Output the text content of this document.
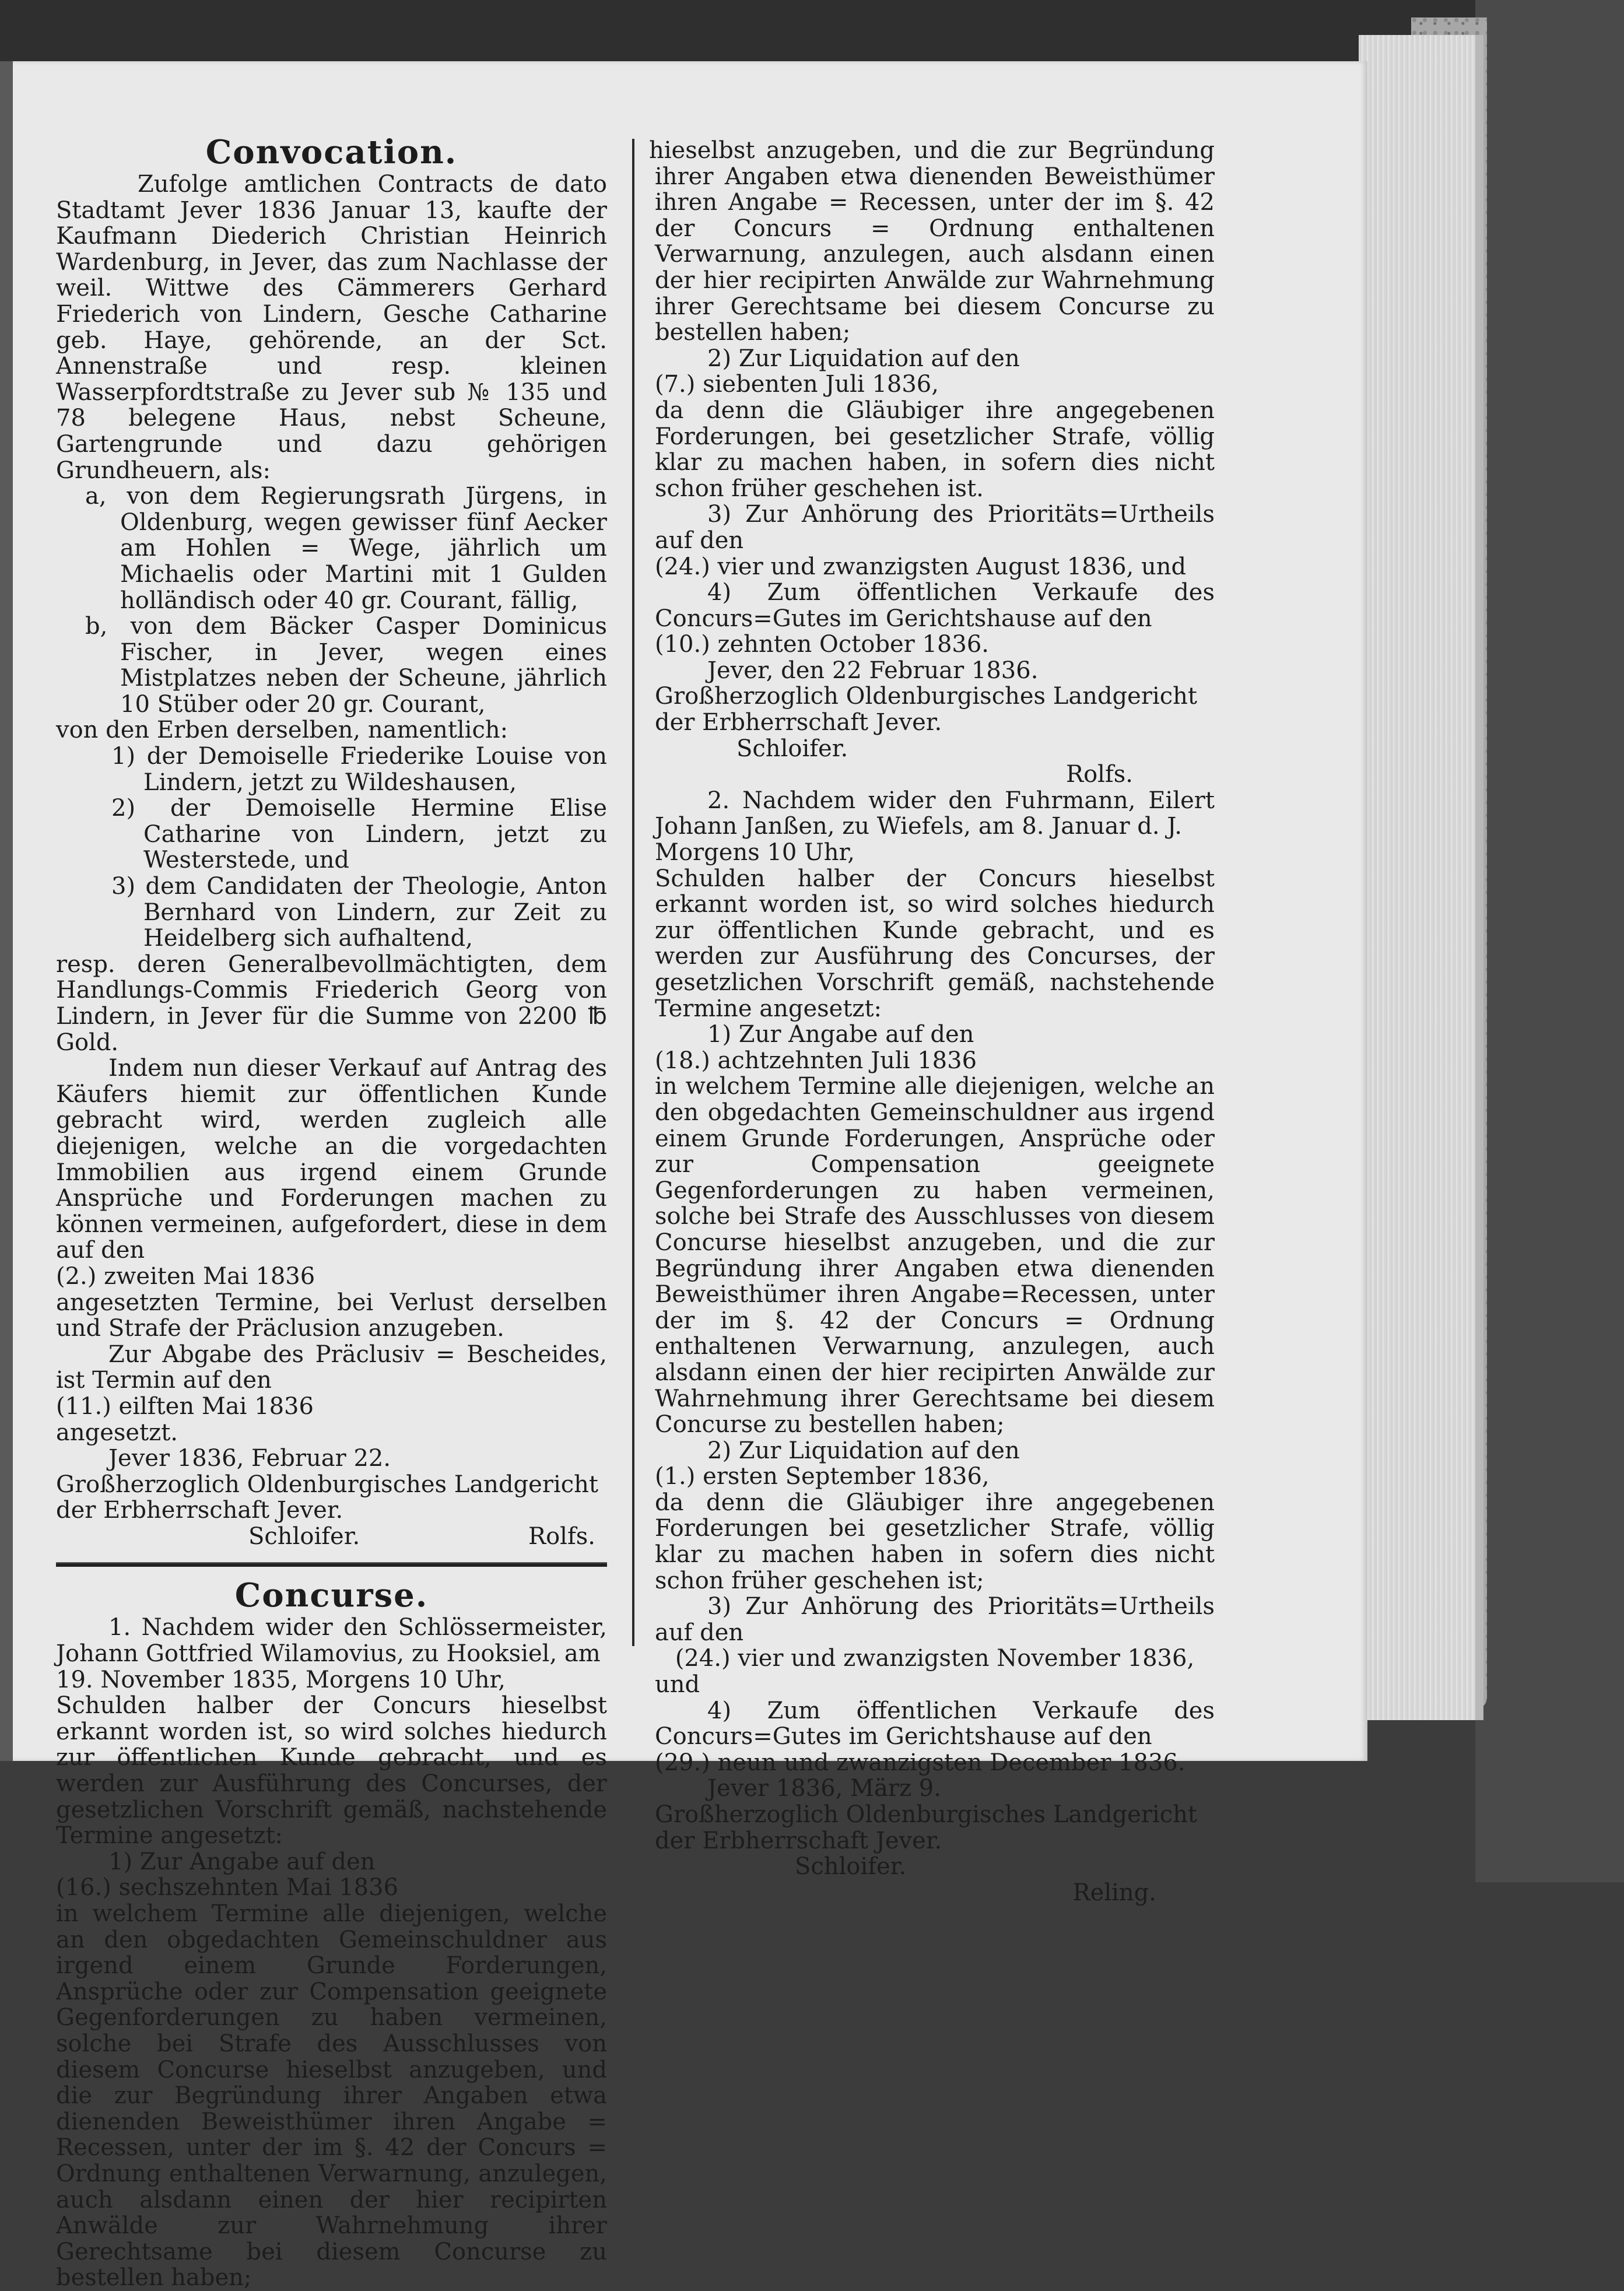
Convocation.

Zufolge amtlichen Contracts de dato Stadtamt Jever 1836 Januar 13, kaufte der Kaufmann Diederich Christian Heinrich Wardenburg, in Jever, das zum Nachlasse der weil. Wittwe des Cämmerers Gerhard Friederich von Lindern, Gesche Catharine geb. Haye, gehörende, an der Sct. Annenstraße und resp. kleinen Wasserpfordtstraße zu Jever sub № 135 und 78 belegene Haus, nebst Scheune, Gartengrunde und dazu gehörigen Grundheuern, als:

a, von dem Regierungsrath Jürgens, in Oldenburg, wegen gewisser fünf Aecker am Hohlen = Wege, jährlich um Michaelis oder Martini mit 1 Gulden holländisch oder 40 gr. Courant, fällig,

b, von dem Bäcker Casper Dominicus Fischer, in Jever, wegen eines Mistplatzes neben der Scheune, jährlich 10 Stüber oder 20 gr. Courant,

von den Erben derselben, namentlich:

1) der Demoiselle Friederike Louise von Lindern, jetzt zu Wildeshausen,

2) der Demoiselle Hermine Elise Catharine von Lindern, jetzt zu Westerstede, und

3) dem Candidaten der Theologie, Anton Bernhard von Lindern, zur Zeit zu Heidelberg sich aufhaltend,

resp. deren Generalbevollmächtigten, dem Handlungs-Commis Friederich Georg von Lindern, in Jever für die Summe von 2200 ℔ Gold.

Indem nun dieser Verkauf auf Antrag des Käufers hiemit zur öffentlichen Kunde gebracht wird, werden zugleich alle diejenigen, welche an die vorgedachten Immobilien aus irgend einem Grunde Ansprüche und Forderungen machen zu können vermeinen, aufgefordert, diese in dem auf den

(2.) zweiten Mai 1836

angesetzten Termine, bei Verlust derselben und Strafe der Präclusion anzugeben.

Zur Abgabe des Präclusiv = Bescheides, ist Termin auf den

(11.) eilften Mai 1836

angesetzt.

Jever 1836, Februar 22.

Großherzoglich Oldenburgisches Landgericht

der Erbherrschaft Jever.

Schloifer.	Rolfs.

Concurse.

1. Nachdem wider den Schlössermeister, Johann Gottfried Wilamovius, zu Hooksiel, am

19. November 1835, Morgens 10 Uhr,

Schulden halber der Concurs hieselbst erkannt worden ist, so wird solches hiedurch zur öffentlichen Kunde gebracht, und es werden zur Ausführung des Concurses, der gesetzlichen Vorschrift gemäß, nachstehende Termine angesetzt:

1) Zur Angabe auf den

(16.) sechszehnten Mai 1836

in welchem Termine alle diejenigen, welche an den obgedachten Gemeinschuldner aus irgend einem Grunde Forderungen, Ansprüche oder zur Compensation geeignete Gegenforderungen zu haben vermeinen, solche bei Strafe des Ausschlusses von diesem Concurse hieselbst anzugeben, und die zur Begründung ihrer Angaben etwa dienenden Beweisthümer ihren Angabe = Recessen, unter der im §. 42 der Concurs = Ordnung enthaltenen Verwarnung, anzulegen, auch alsdann einen der hier recipirten Anwälde zur Wahrnehmung ihrer Gerechtsame bei diesem Concurse zu bestellen haben;

hieselbst anzugeben, und die zur Begründung ihrer Angaben etwa dienenden Beweisthümer ihren Angabe = Recessen, unter der im §. 42 der Concurs = Ordnung enthaltenen Verwarnung, anzulegen, auch alsdann einen der hier recipirten Anwälde zur Wahrnehmung ihrer Gerechtsame bei diesem Concurse zu bestellen haben;

2) Zur Liquidation auf den

(7.) siebenten Juli 1836,

da denn die Gläubiger ihre angegebenen Forderungen, bei gesetzlicher Strafe, völlig klar zu machen haben, in sofern dies nicht schon früher geschehen ist.

3) Zur Anhörung des Prioritäts=Urtheils auf den

(24.) vier und zwanzigsten August 1836, und

4) Zum öffentlichen Verkaufe des Concurs=Gutes im Gerichtshause auf den

(10.) zehnten October 1836.

Jever, den 22 Februar 1836.

Großherzoglich Oldenburgisches Landgericht

der Erbherrschaft Jever.

Schloifer.

Rolfs.

2. Nachdem wider den Fuhrmann, Eilert Johann Janßen, zu Wiefels, am 8. Januar d. J.

Morgens 10 Uhr,

Schulden halber der Concurs hieselbst erkannt worden ist, so wird solches hiedurch zur öffentlichen Kunde gebracht, und es werden zur Ausführung des Concurses, der gesetzlichen Vorschrift gemäß, nachstehende Termine angesetzt:

1) Zur Angabe auf den

(18.) achtzehnten Juli 1836

in welchem Termine alle diejenigen, welche an den obgedachten Gemeinschuldner aus irgend einem Grunde Forderungen, Ansprüche oder zur Compensation geeignete Gegenforderungen zu haben vermeinen, solche bei Strafe des Ausschlusses von diesem Concurse hieselbst anzugeben, und die zur Begründung ihrer Angaben etwa dienenden Beweisthümer ihren Angabe=Recessen, unter der im §. 42 der Concurs = Ordnung enthaltenen Verwarnung, anzulegen, auch alsdann einen der hier recipirten Anwälde zur Wahrnehmung ihrer Gerechtsame bei diesem Concurse zu bestellen haben;

2) Zur Liquidation auf den

(1.) ersten September 1836,

da denn die Gläubiger ihre angegebenen Forderungen bei gesetzlicher Strafe, völlig klar zu machen haben in sofern dies nicht schon früher geschehen ist;

3) Zur Anhörung des Prioritäts=Urtheils auf den

(24.) vier und zwanzigsten November 1836, und

4) Zum öffentlichen Verkaufe des Concurs=Gutes im Gerichtshause auf den

(29.) neun und zwanzigsten December 1836.

Jever 1836, März 9.

Großherzoglich Oldenburgisches Landgericht

der Erbherrschaft Jever.

Schloifer.

Reling.
